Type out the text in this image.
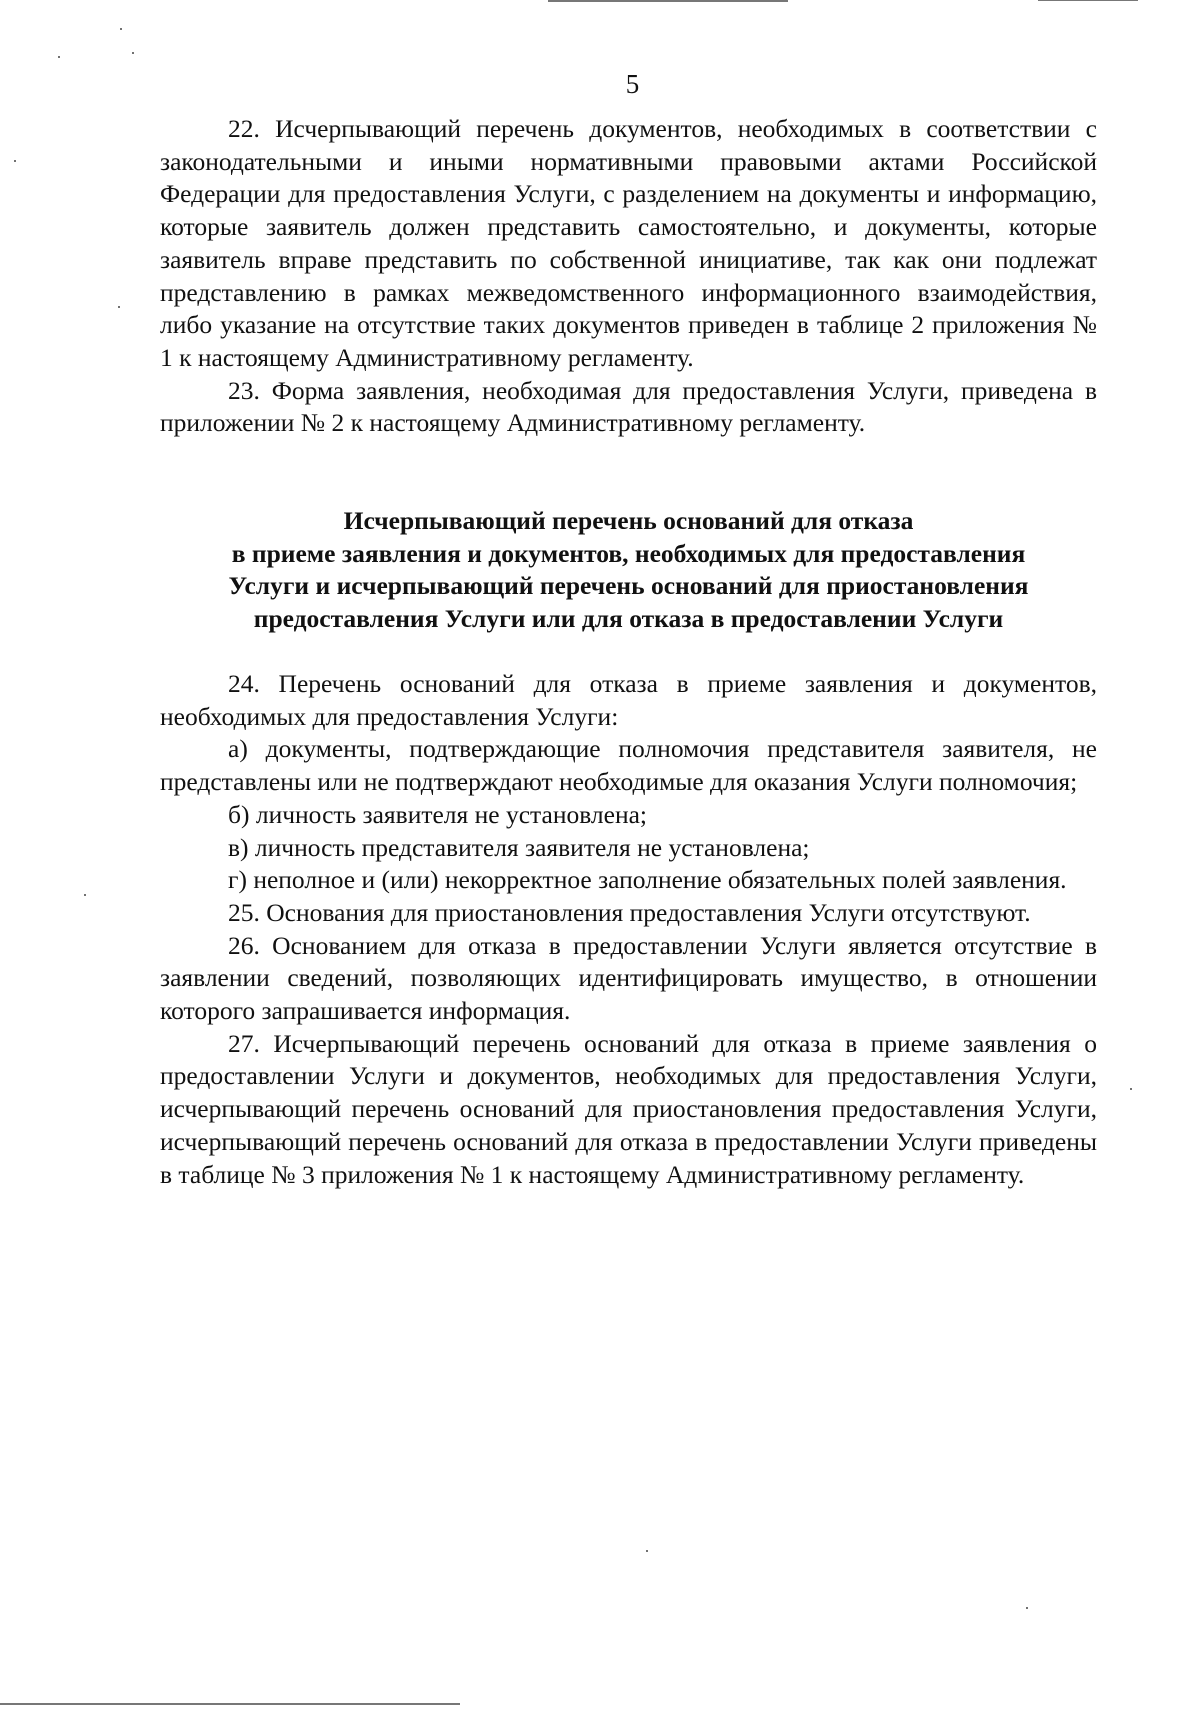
5

22. Исчерпывающий перечень документов, необходимых в соответствии с законодательными и иными нормативными правовыми актами Российской Федерации для предоставления Услуги, с разделением на документы и информацию, которые заявитель должен представить самостоятельно, и документы, которые заявитель вправе представить по собственной инициативе, так как они подлежат представлению в рамках межведомственного информационного взаимодействия, либо указание на отсутствие таких документов приведен в таблице 2 приложения № 1 к настоящему Административному регламенту.

23. Форма заявления, необходимая для предоставления Услуги, приведена в приложении № 2 к настоящему Административному регламенту.

Исчерпывающий перечень оснований для отказа
в приеме заявления и документов, необходимых для предоставления
Услуги и исчерпывающий перечень оснований для приостановления
предоставления Услуги или для отказа в предоставлении Услуги

24. Перечень оснований для отказа в приеме заявления и документов, необходимых для предоставления Услуги:

а) документы, подтверждающие полномочия представителя заявителя, не представлены или не подтверждают необходимые для оказания Услуги полномочия;

б) личность заявителя не установлена;

в) личность представителя заявителя не установлена;

г) неполное и (или) некорректное заполнение обязательных полей заявления.

25. Основания для приостановления предоставления Услуги отсутствуют.

26. Основанием для отказа в предоставлении Услуги является отсутствие в заявлении сведений, позволяющих идентифицировать имущество, в отношении которого запрашивается информация.

27. Исчерпывающий перечень оснований для отказа в приеме заявления о предоставлении Услуги и документов, необходимых для предоставления Услуги, исчерпывающий перечень оснований для приостановления предоставления Услуги, исчерпывающий перечень оснований для отказа в предоставлении Услуги приведены в таблице № 3 приложения № 1 к настоящему Административному регламенту.
